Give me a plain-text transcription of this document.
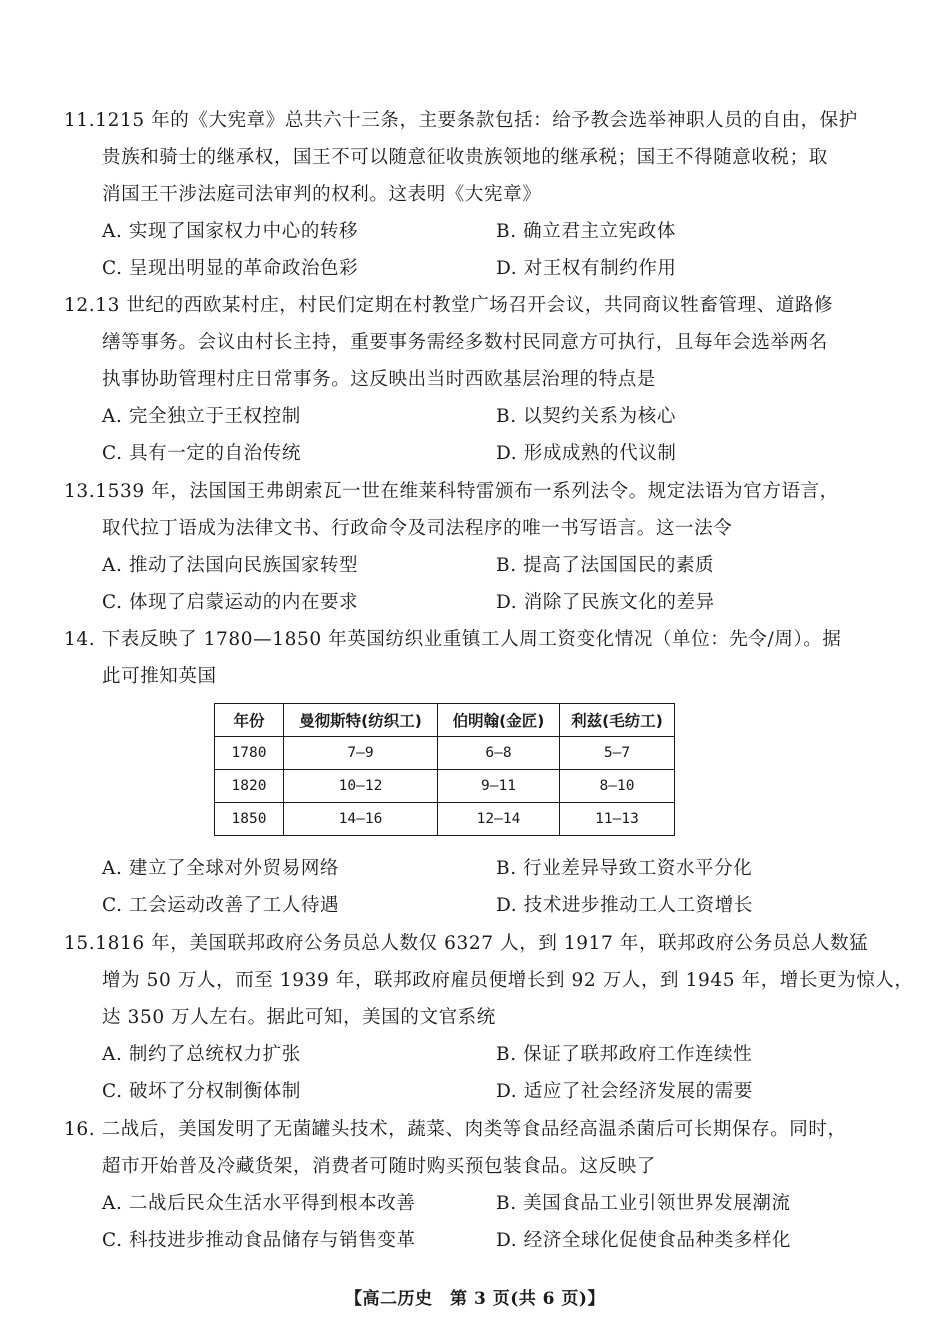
11.1215 年的《大宪章》总共六十三条，主要条款包括：给予教会选举神职人员的自由，保护
贵族和骑士的继承权，国王不可以随意征收贵族领地的继承税；国王不得随意收税；取
消国王干涉法庭司法审判的权利。这表明《大宪章》
A. 实现了国家权力中心的转移	B. 确立君主立宪政体
C. 呈现出明显的革命政治色彩	D. 对王权有制约作用
12.13 世纪的西欧某村庄，村民们定期在村教堂广场召开会议，共同商议牲畜管理、道路修
缮等事务。会议由村长主持，重要事务需经多数村民同意方可执行，且每年会选举两名
执事协助管理村庄日常事务。这反映出当时西欧基层治理的特点是
A. 完全独立于王权控制	B. 以契约关系为核心
C. 具有一定的自治传统	D. 形成成熟的代议制
13.1539 年，法国国王弗朗索瓦一世在维莱科特雷颁布一系列法令。规定法语为官方语言，
取代拉丁语成为法律文书、行政命令及司法程序的唯一书写语言。这一法令
A. 推动了法国向民族国家转型	B. 提高了法国国民的素质
C. 体现了启蒙运动的内在要求	D. 消除了民族文化的差异
14. 下表反映了 1780—1850 年英国纺织业重镇工人周工资变化情况（单位：先令/周）。据
此可推知英国
年份	曼彻斯特(纺织工)	伯明翰(金匠)	利兹(毛纺工)
1780	7—9	6—8	5—7
1820	10—12	9—11	8—10
1850	14—16	12—14	11—13
A. 建立了全球对外贸易网络	B. 行业差异导致工资水平分化
C. 工会运动改善了工人待遇	D. 技术进步推动工人工资增长
15.1816 年，美国联邦政府公务员总人数仅 6327 人，到 1917 年，联邦政府公务员总人数猛
增为 50 万人，而至 1939 年，联邦政府雇员便增长到 92 万人，到 1945 年，增长更为惊人，
达 350 万人左右。据此可知，美国的文官系统
A. 制约了总统权力扩张	B. 保证了联邦政府工作连续性
C. 破坏了分权制衡体制	D. 适应了社会经济发展的需要
16. 二战后，美国发明了无菌罐头技术，蔬菜、肉类等食品经高温杀菌后可长期保存。同时，
超市开始普及冷藏货架，消费者可随时购买预包装食品。这反映了
A. 二战后民众生活水平得到根本改善	B. 美国食品工业引领世界发展潮流
C. 科技进步推动食品储存与销售变革	D. 经济全球化促使食品种类多样化
【高二历史　第 3 页(共 6 页)】
